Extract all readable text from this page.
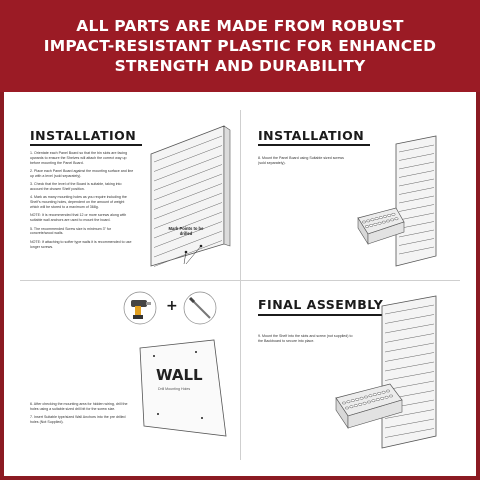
ALL PARTS ARE MADE FROM ROBUST
IMPACT-RESISTANT PLASTIC FOR ENHANCED
STRENGTH AND DURABILITY
INSTALLATION

1. Orientate each Panel Board so that the bin slots are facing upwards to ensure the Shelves will attach the correct way up before mounting the Panel Board.

2. Place each Panel Board against the mounting surface and line up with a level (sold separately).

3. Check that the level of the Board is suitable, taking into account the chosen Shelf position.

4. Mark as many mounting holes as you require including the Shelf's mounting holes, dependent on the amount of weight which will be stored to a maximum of 368g.

NOTE: It is recommended that 12 or more screws along with suitable wall anchors are used to mount the board.

5. The recommended Screw size is minimum 3" for concrete/wood walls.

NOTE: If attaching to softer type walls it is recommended to use longer screws.

Mark Points to be drilled
INSTALLATION

8. Mount the Panel Board using Suitable sized screws (sold separately).

+
WALL
Drill Mounting Holes

6. After checking the mounting area for hidden wiring, drill the holes using a suitable sized drill bit for the screw size.

7. Insert Suitable type/sized Wall Anchors into the pre drilled holes (Not Supplied).

FINAL ASSEMBLY

9. Mount the Shelf into the slots and screw (not supplied) to the Backboard to secure into place.
